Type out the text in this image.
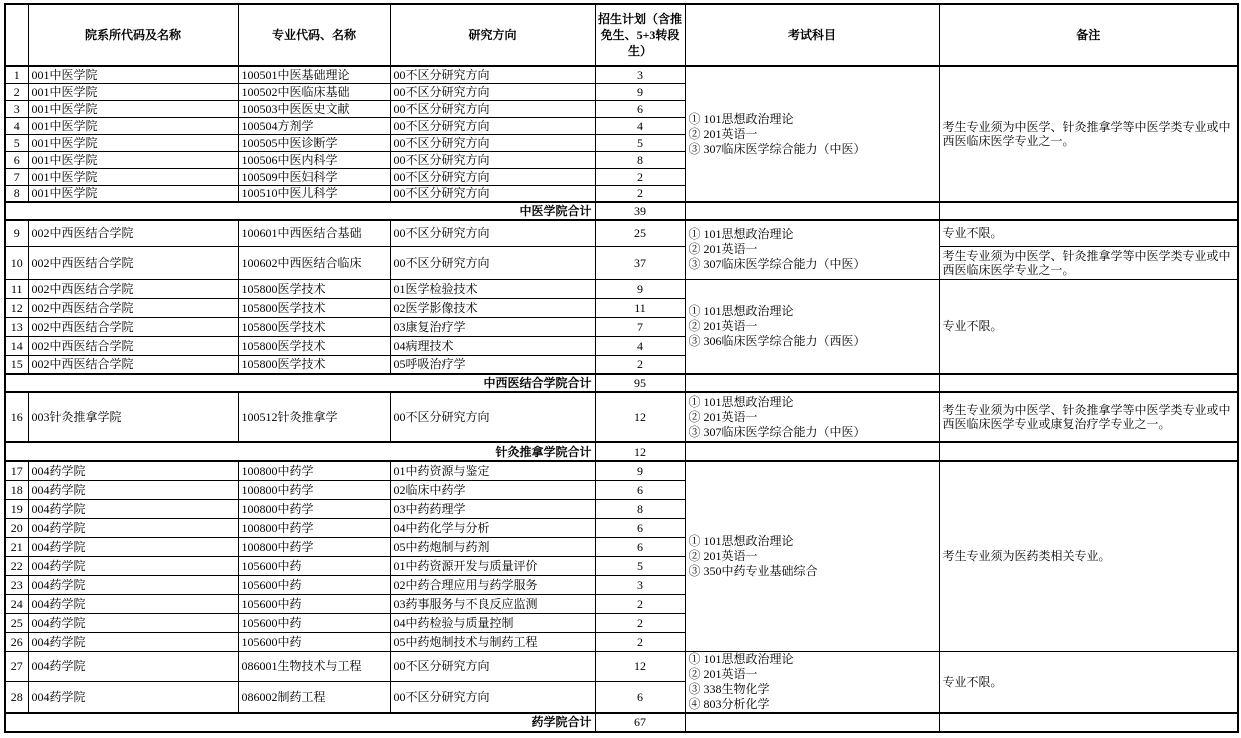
	院系所代码及名称	专业代码、名称	研究方向	招生计划（含推免生、5+3转段生）	考试科目	备注
1	001中医学院	100501中医基础理论	00不区分研究方向	3	① 101思想政治理论
② 201英语一
③ 307临床医学综合能力（中医）	考生专业须为中医学、针灸推拿学等中医学类专业或中西医临床医学专业之一。
2	001中医学院	100502中医临床基础	00不区分研究方向	9		
3	001中医学院	100503中医医史文献	00不区分研究方向	6		
4	001中医学院	100504方剂学	00不区分研究方向	4		
5	001中医学院	100505中医诊断学	00不区分研究方向	5		
6	001中医学院	100506中医内科学	00不区分研究方向	8		
7	001中医学院	100509中医妇科学	00不区分研究方向	2		
8	001中医学院	100510中医儿科学	00不区分研究方向	2		
中医学院合计				39		
9	002中西医结合学院	100601中西医结合基础	00不区分研究方向	25	① 101思想政治理论
② 201英语一
③ 307临床医学综合能力（中医）	专业不限。
10	002中西医结合学院	100602中西医结合临床	00不区分研究方向	37		考生专业须为中医学、针灸推拿学等中医学类专业或中西医临床医学专业之一。
11	002中西医结合学院	105800医学技术	01医学检验技术	9	① 101思想政治理论
② 201英语一
③ 306临床医学综合能力（西医）	专业不限。
12	002中西医结合学院	105800医学技术	02医学影像技术	11		
13	002中西医结合学院	105800医学技术	03康复治疗学	7		
14	002中西医结合学院	105800医学技术	04病理技术	4		
15	002中西医结合学院	105800医学技术	05呼吸治疗学	2		
中西医结合学院合计				95		
16	003针灸推拿学院	100512针灸推拿学	00不区分研究方向	12	① 101思想政治理论
② 201英语一
③ 307临床医学综合能力（中医）	考生专业须为中医学、针灸推拿学等中医学类专业或中西医临床医学专业或康复治疗学专业之一。
针灸推拿学院合计				12		
17	004药学院	100800中药学	01中药资源与鉴定	9	① 101思想政治理论
② 201英语一
③ 350中药专业基础综合	考生专业须为医药类相关专业。
18	004药学院	100800中药学	02临床中药学	6		
19	004药学院	100800中药学	03中药药理学	8		
20	004药学院	100800中药学	04中药化学与分析	6		
21	004药学院	100800中药学	05中药炮制与药剂	6		
22	004药学院	105600中药	01中药资源开发与质量评价	5		
23	004药学院	105600中药	02中药合理应用与药学服务	3		
24	004药学院	105600中药	03药事服务与不良反应监测	2		
25	004药学院	105600中药	04中药检验与质量控制	2		
26	004药学院	105600中药	05中药炮制技术与制药工程	2		
27	004药学院	086001生物技术与工程	00不区分研究方向	12	① 101思想政治理论
② 201英语一
③ 338生物化学
④ 803分析化学	专业不限。
28	004药学院	086002制药工程	00不区分研究方向	6		
药学院合计				67		
